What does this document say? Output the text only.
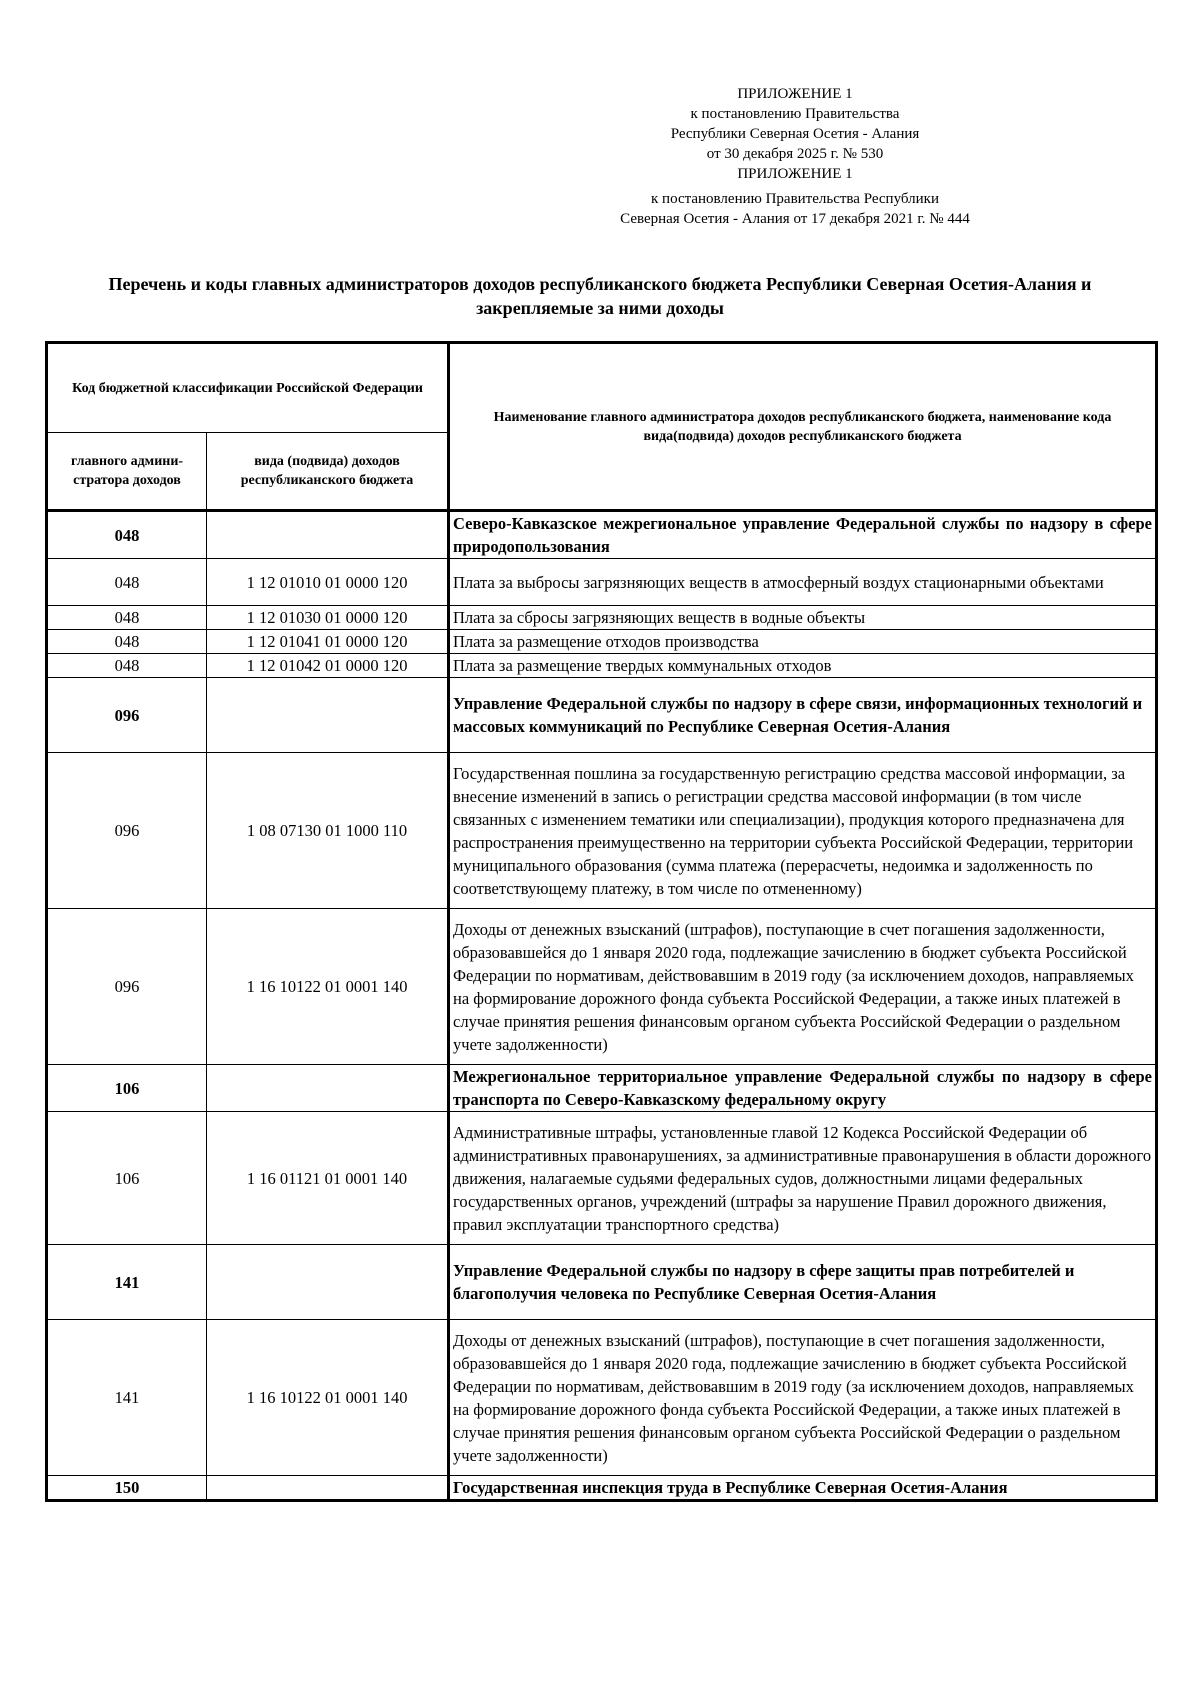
ПРИЛОЖЕНИЕ 1
к постановлению Правительства
Республики Северная Осетия - Алания
от 30 декабря 2025 г. № 530
ПРИЛОЖЕНИЕ 1
к постановлению Правительства Республики
Северная Осетия - Алания от 17 декабря 2021 г. № 444
Перечень и коды главных администраторов доходов республиканского бюджета Республики Северная Осетия-Алания и закрепляемые за ними доходы
Код бюджетной классификации Российской Федерации		Наименование главного администратора доходов республиканского бюджета, наименование кода вида(подвида) доходов республиканского бюджета
главного админи-стратора доходов	вида (подвида) доходов республиканского бюджета	
048		Северо-Кавказское межрегиональное управление Федеральной службы по надзору в сфере природопользования
048	1 12 01010 01 0000 120	Плата за выбросы загрязняющих веществ в атмосферный воздух стационарными объектами
048	1 12 01030 01 0000 120	Плата за сбросы загрязняющих веществ в водные объекты
048	1 12 01041 01 0000 120	Плата за размещение отходов производства
048	1 12 01042 01 0000 120	Плата за размещение твердых коммунальных отходов
096		Управление Федеральной службы по надзору в сфере связи, информационных технологий и массовых коммуникаций по Республике Северная Осетия-Алания
096	1 08 07130 01 1000 110	Государственная пошлина за государственную регистрацию средства массовой информации, за внесение изменений в запись о регистрации средства массовой информации (в том числе связанных с изменением тематики или специализации), продукция которого предназначена для распространения преимущественно на территории субъекта Российской Федерации, территории муниципального образования (сумма платежа (перерасчеты, недоимка и задолженность по соответствующему платежу, в том числе по отмененному)
096	1 16 10122 01 0001 140	Доходы от денежных взысканий (штрафов), поступающие в счет погашения задолженности, образовавшейся до 1 января 2020 года, подлежащие зачислению в бюджет субъекта Российской Федерации по нормативам, действовавшим в 2019 году (за исключением доходов, направляемых на формирование дорожного фонда субъекта Российской Федерации, а также иных платежей в случае принятия решения финансовым органом субъекта Российской Федерации о раздельном учете задолженности)
106		Межрегиональное территориальное управление Федеральной службы по надзору в сфере транспорта по Северо-Кавказскому федеральному округу
106	1 16 01121 01 0001 140	Административные штрафы, установленные главой 12 Кодекса Российской Федерации об административных правонарушениях, за административные правонарушения в области дорожного движения, налагаемые судьями федеральных судов, должностными лицами федеральных государственных органов, учреждений (штрафы за нарушение Правил дорожного движения, правил эксплуатации транспортного средства)
141		Управление Федеральной службы по надзору в сфере защиты прав потребителей и благополучия человека по Республике Северная Осетия-Алания
141	1 16 10122 01 0001 140	Доходы от денежных взысканий (штрафов), поступающие в счет погашения задолженности, образовавшейся до 1 января 2020 года, подлежащие зачислению в бюджет субъекта Российской Федерации по нормативам, действовавшим в 2019 году (за исключением доходов, направляемых на формирование дорожного фонда субъекта Российской Федерации, а также иных платежей в случае принятия решения финансовым органом субъекта Российской Федерации о раздельном учете задолженности)
150		Государственная инспекция труда в Республике Северная Осетия-Алания
